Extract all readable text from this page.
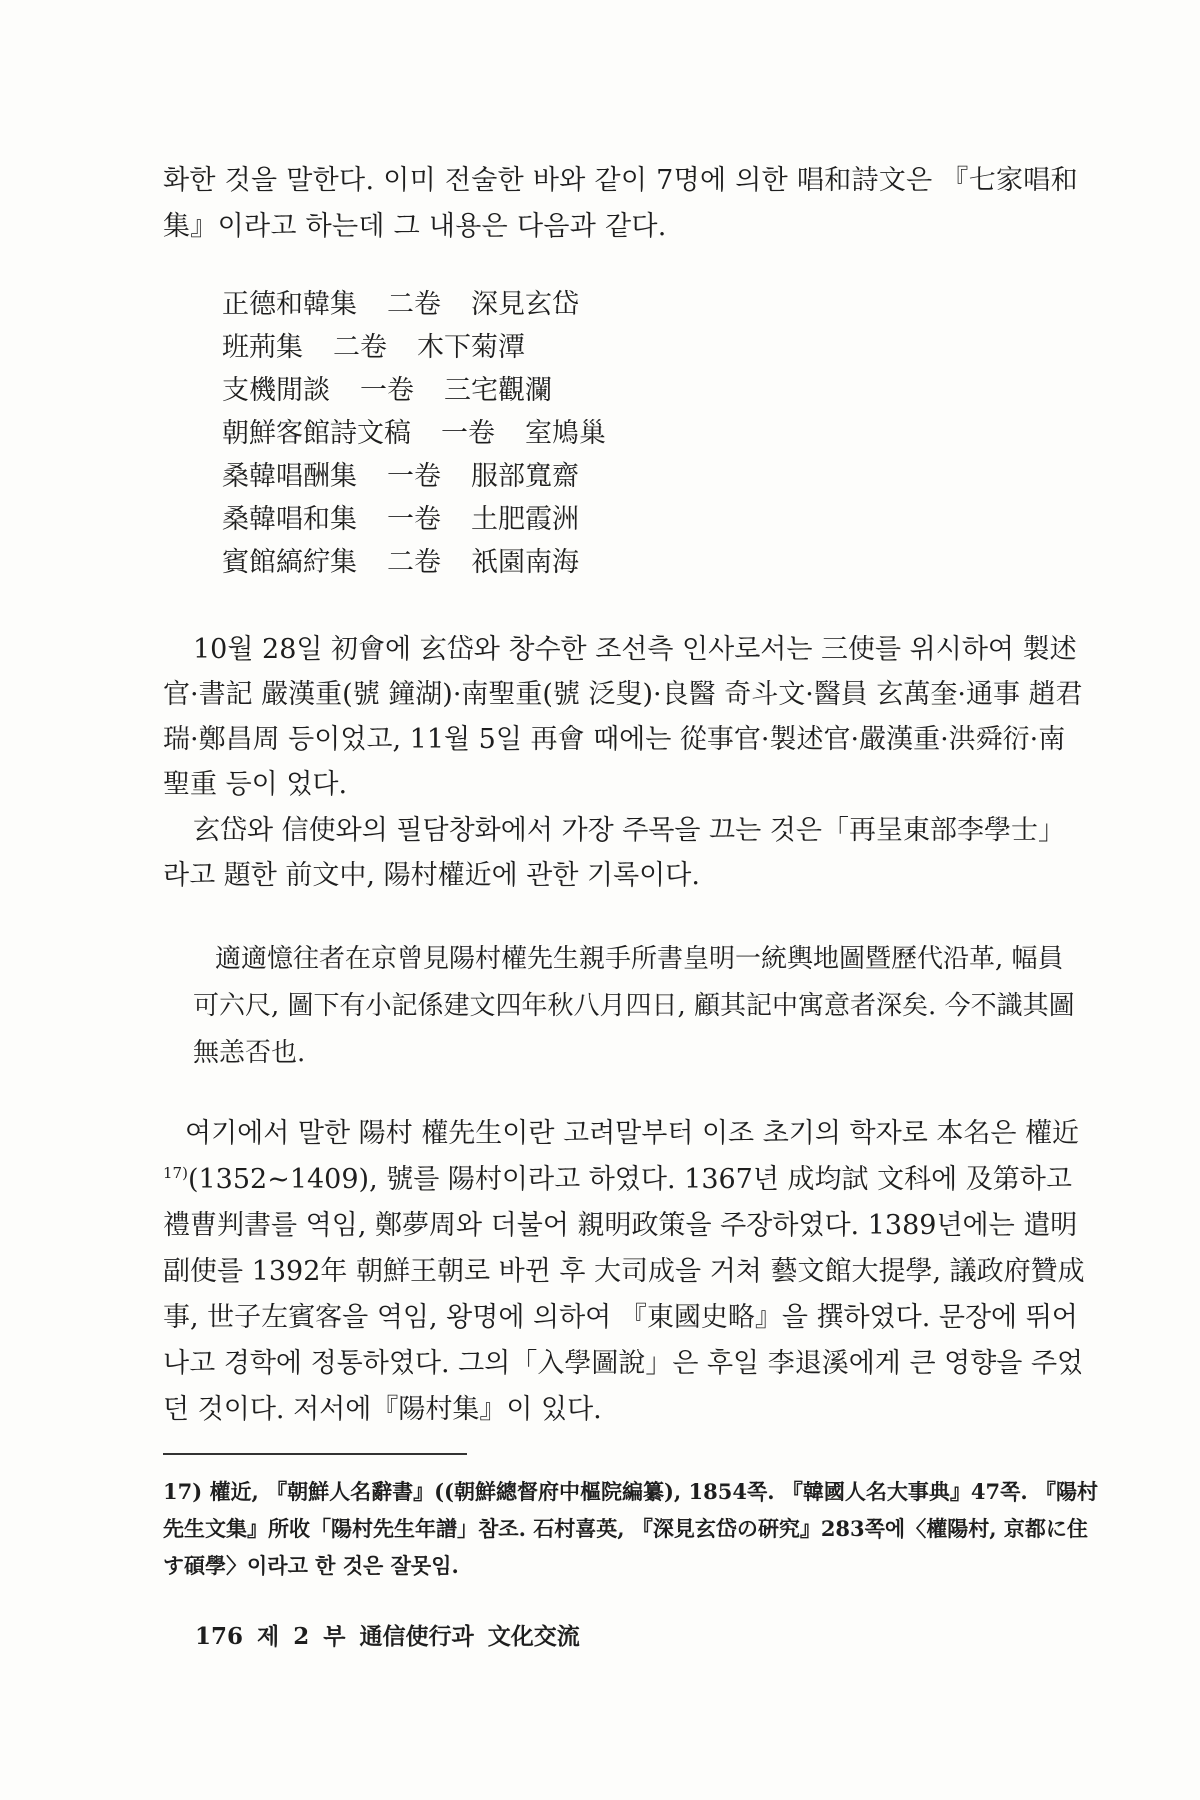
화한 것을 말한다. 이미 전술한 바와 같이 7명에 의한 唱和詩文은 『七家唱和集』이라고 하는데 그 내용은 다음과 같다.

正德和韓集 二卷 深見玄岱
班荊集 二卷 木下菊潭
支機閒談 一卷 三宅觀瀾
朝鮮客館詩文稿 一卷 室鳩巢
桑韓唱酬集 一卷 服部寬齋
桑韓唱和集 一卷 土肥霞洲
賓館縞紵集 二卷 祇園南海

10월 28일 初會에 玄岱와 창수한 조선측 인사로서는 三使를 위시하여 製述官·書記 嚴漢重(號 鐘湖)·南聖重(號 泛叟)·良醫 奇斗文·醫員 玄萬奎·通事 趙君瑞·鄭昌周 등이었고, 11월 5일 再會 때에는 從事官·製述官·嚴漢重·洪舜衍·南聖重 등이 었다.

玄岱와 信使와의 필담창화에서 가장 주목을 끄는 것은「再呈東部李學士」라고 題한 前文中, 陽村權近에 관한 기록이다.

適適憶往者在京曾見陽村權先生親手所書皇明一統輿地圖暨歷代沿革, 幅員可六尺, 圖下有小記係建文四年秋八月四日, 顧其記中寓意者深矣. 今不識其圖無恙否也.

여기에서 말한 陽村 權先生이란 고려말부터 이조 초기의 학자로 本名은 權近$^{17)}$(1352~1409), 號를 陽村이라고 하였다. 1367년 成均試 文科에 及第하고 禮曹判書를 역임, 鄭夢周와 더불어 親明政策을 주장하였다. 1389년에는 遣明副使를 1392年 朝鮮王朝로 바뀐 후 大司成을 거쳐 藝文館大提學, 議政府贊成事, 世子左賓客을 역임, 왕명에 의하여 『東國史略』을 撰하였다. 문장에 뛰어나고 경학에 정통하였다. 그의「入學圖說」은 후일 李退溪에게 큰 영향을 주었던 것이다. 저서에『陽村集』이 있다.

17) 權近, 『朝鮮人名辭書』((朝鮮總督府中樞院編纂), 1854쪽. 『韓國人名大事典』47쪽. 『陽村先生文集』所收「陽村先生年譜」참조. 石村喜英, 『深見玄岱の硏究』283쪽에〈權陽村, 京都に住す碩學〉이라고 한 것은 잘못임.

176 제 2 부 通信使行과 文化交流
